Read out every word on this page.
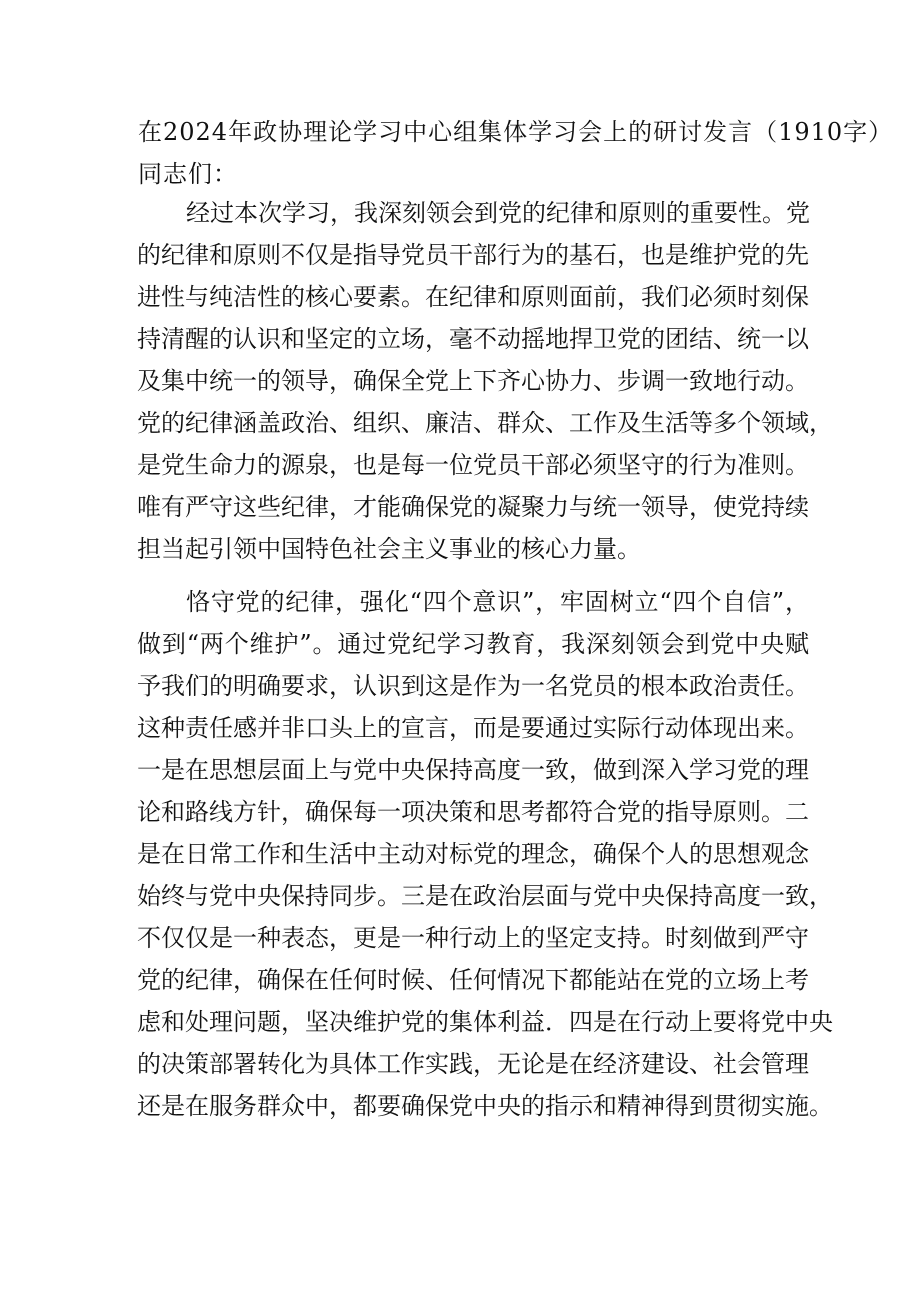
在2024年政协理论学习中心组集体学习会上的研讨发言（1910字）
同志们：
经过本次学习，我深刻领会到党的纪律和原则的重要性。党
的纪律和原则不仅是指导党员干部行为的基石，也是维护党的先
进性与纯洁性的核心要素。在纪律和原则面前，我们必须时刻保
持清醒的认识和坚定的立场，毫不动摇地捍卫党的团结、统一以
及集中统一的领导，确保全党上下齐心协力、步调一致地行动。
党的纪律涵盖政治、组织、廉洁、群众、工作及生活等多个领域，
是党生命力的源泉，也是每一位党员干部必须坚守的行为准则。
唯有严守这些纪律，才能确保党的凝聚力与统一领导，使党持续
担当起引领中国特色社会主义事业的核心力量。
恪守党的纪律，强化“四个意识”，牢固树立“四个自信”，
做到“两个维护”。通过党纪学习教育，我深刻领会到党中央赋
予我们的明确要求，认识到这是作为一名党员的根本政治责任。
这种责任感并非口头上的宣言，而是要通过实际行动体现出来。
一是在思想层面上与党中央保持高度一致，做到深入学习党的理
论和路线方针，确保每一项决策和思考都符合党的指导原则。二
是在日常工作和生活中主动对标党的理念，确保个人的思想观念
始终与党中央保持同步。三是在政治层面与党中央保持高度一致，
不仅仅是一种表态，更是一种行动上的坚定支持。时刻做到严守
党的纪律，确保在任何时候、任何情况下都能站在党的立场上考
虑和处理问题，坚决维护党的集体利益．四是在行动上要将党中央
的决策部署转化为具体工作实践，无论是在经济建设、社会管理
还是在服务群众中，都要确保党中央的指示和精神得到贯彻实施。
